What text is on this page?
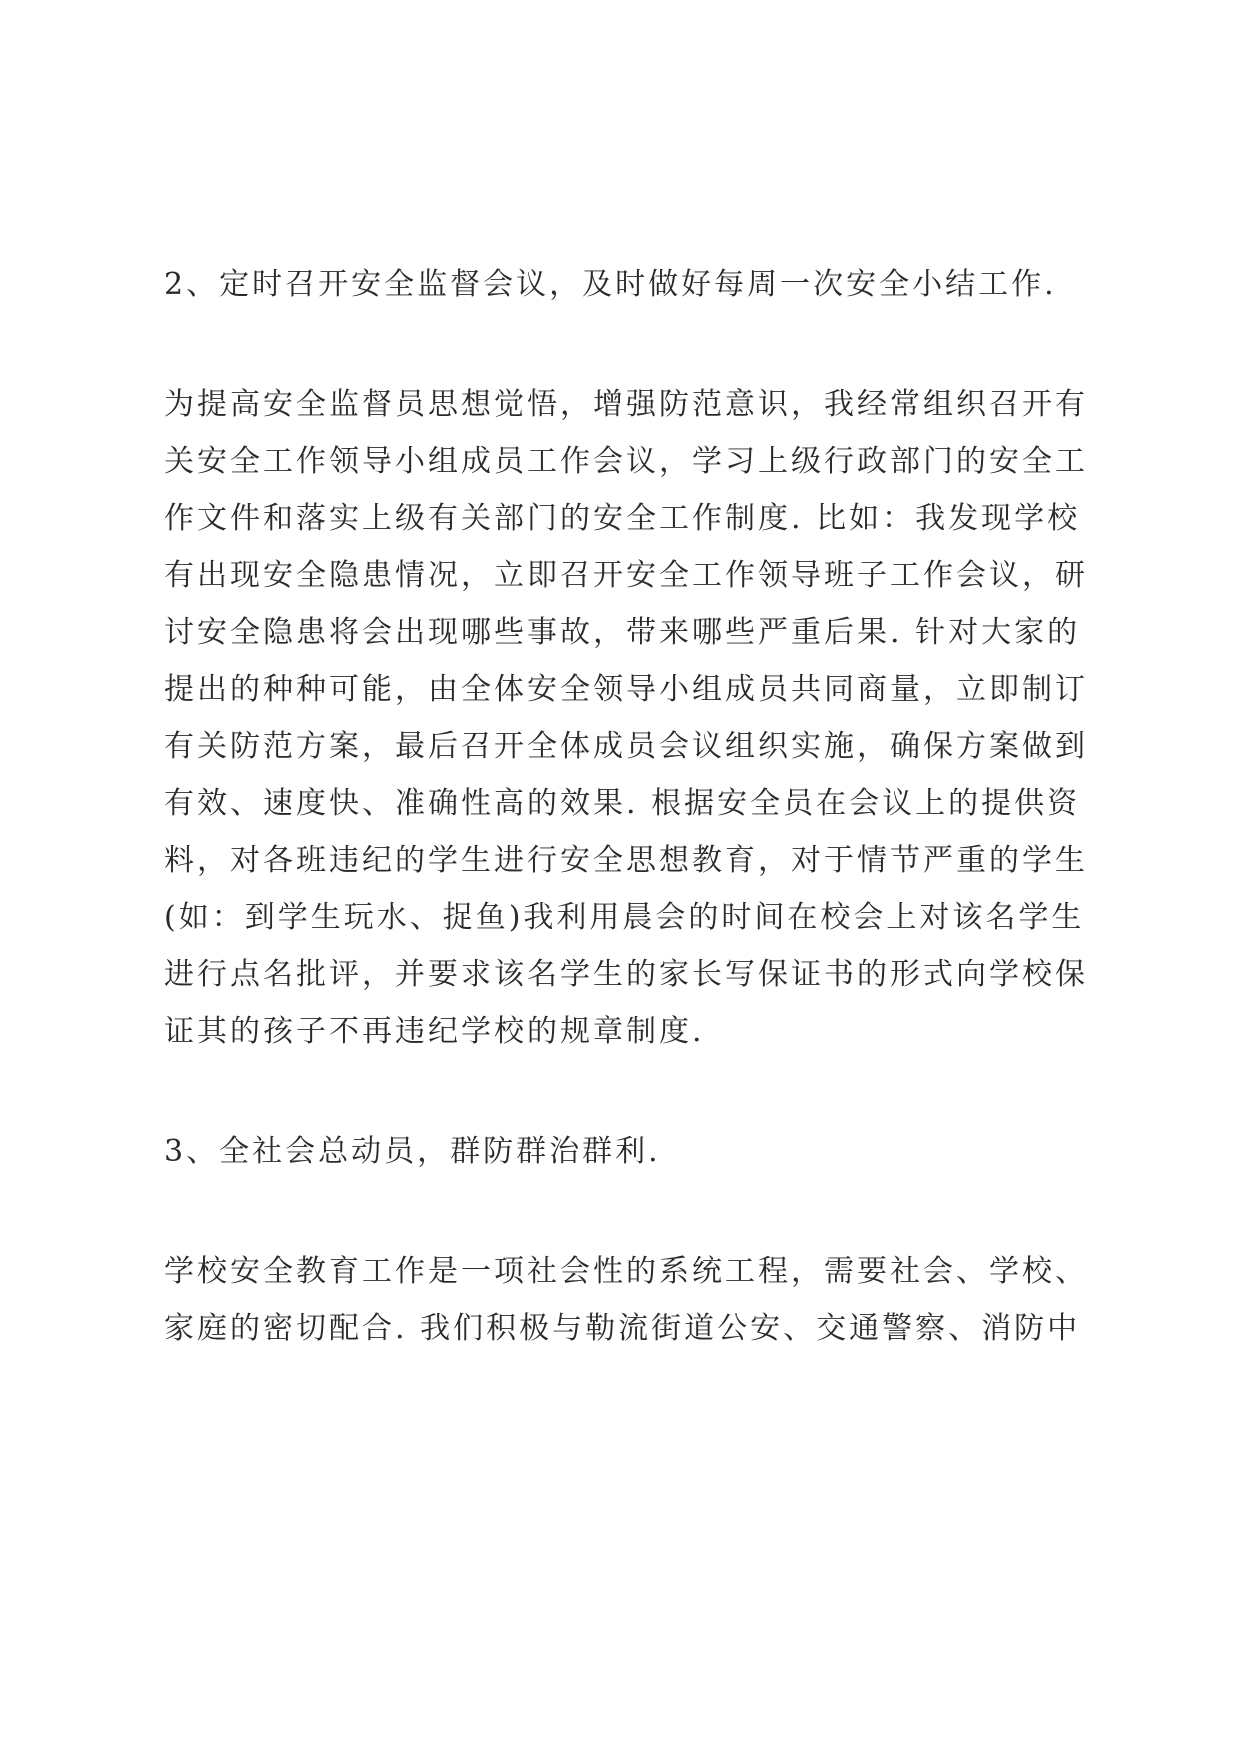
2、定时召开安全监督会议，及时做好每周一次安全小结工作.
为提高安全监督员思想觉悟，增强防范意识，我经常组织召开有
关安全工作领导小组成员工作会议，学习上级行政部门的安全工
作文件和落实上级有关部门的安全工作制度. 比如：我发现学校
有出现安全隐患情况，立即召开安全工作领导班子工作会议，研
讨安全隐患将会出现哪些事故，带来哪些严重后果. 针对大家的
提出的种种可能，由全体安全领导小组成员共同商量，立即制订
有关防范方案，最后召开全体成员会议组织实施，确保方案做到
有效、速度快、准确性高的效果. 根据安全员在会议上的提供资
料，对各班违纪的学生进行安全思想教育，对于情节严重的学生
(如：到学生玩水、捉鱼)我利用晨会的时间在校会上对该名学生
进行点名批评，并要求该名学生的家长写保证书的形式向学校保
证其的孩子不再违纪学校的规章制度.
3、全社会总动员，群防群治群利.
学校安全教育工作是一项社会性的系统工程，需要社会、学校、
家庭的密切配合. 我们积极与勒流街道公安、交通警察、消防中
